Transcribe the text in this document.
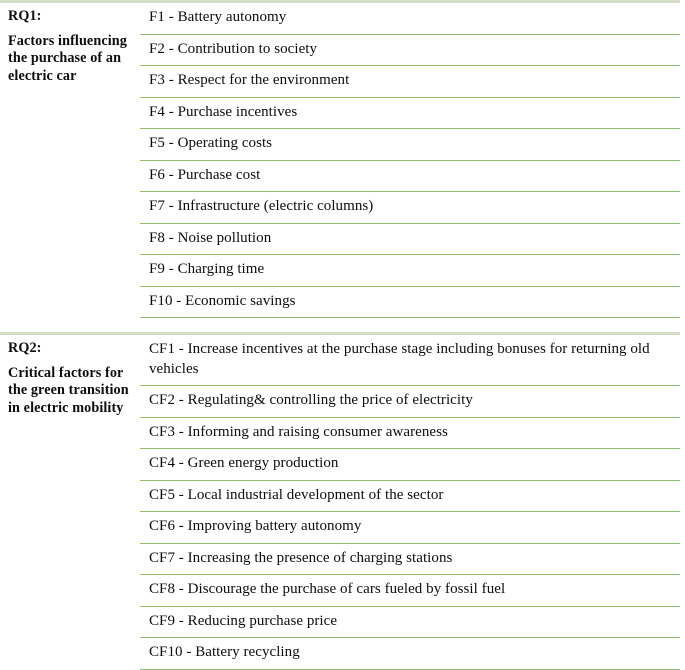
RQ1:
Factors influencing the purchase of an electric car
F1 - Battery autonomy
F2 - Contribution to society
F3 - Respect for the environment
F4 - Purchase incentives
F5 - Operating costs
F6 - Purchase cost
F7 - Infrastructure (electric columns)
F8 - Noise pollution
F9 - Charging time
F10 - Economic savings
RQ2:
Critical factors for the green transition in electric mobility
CF1 - Increase incentives at the purchase stage including bonuses for returning old vehicles
CF2 - Regulating& controlling the price of electricity
CF3 - Informing and raising consumer awareness
CF4 - Green energy production
CF5 - Local industrial development of the sector
CF6 - Improving battery autonomy
CF7 - Increasing the presence of charging stations
CF8 - Discourage the purchase of cars fueled by fossil fuel
CF9 - Reducing purchase price
CF10 - Battery recycling
